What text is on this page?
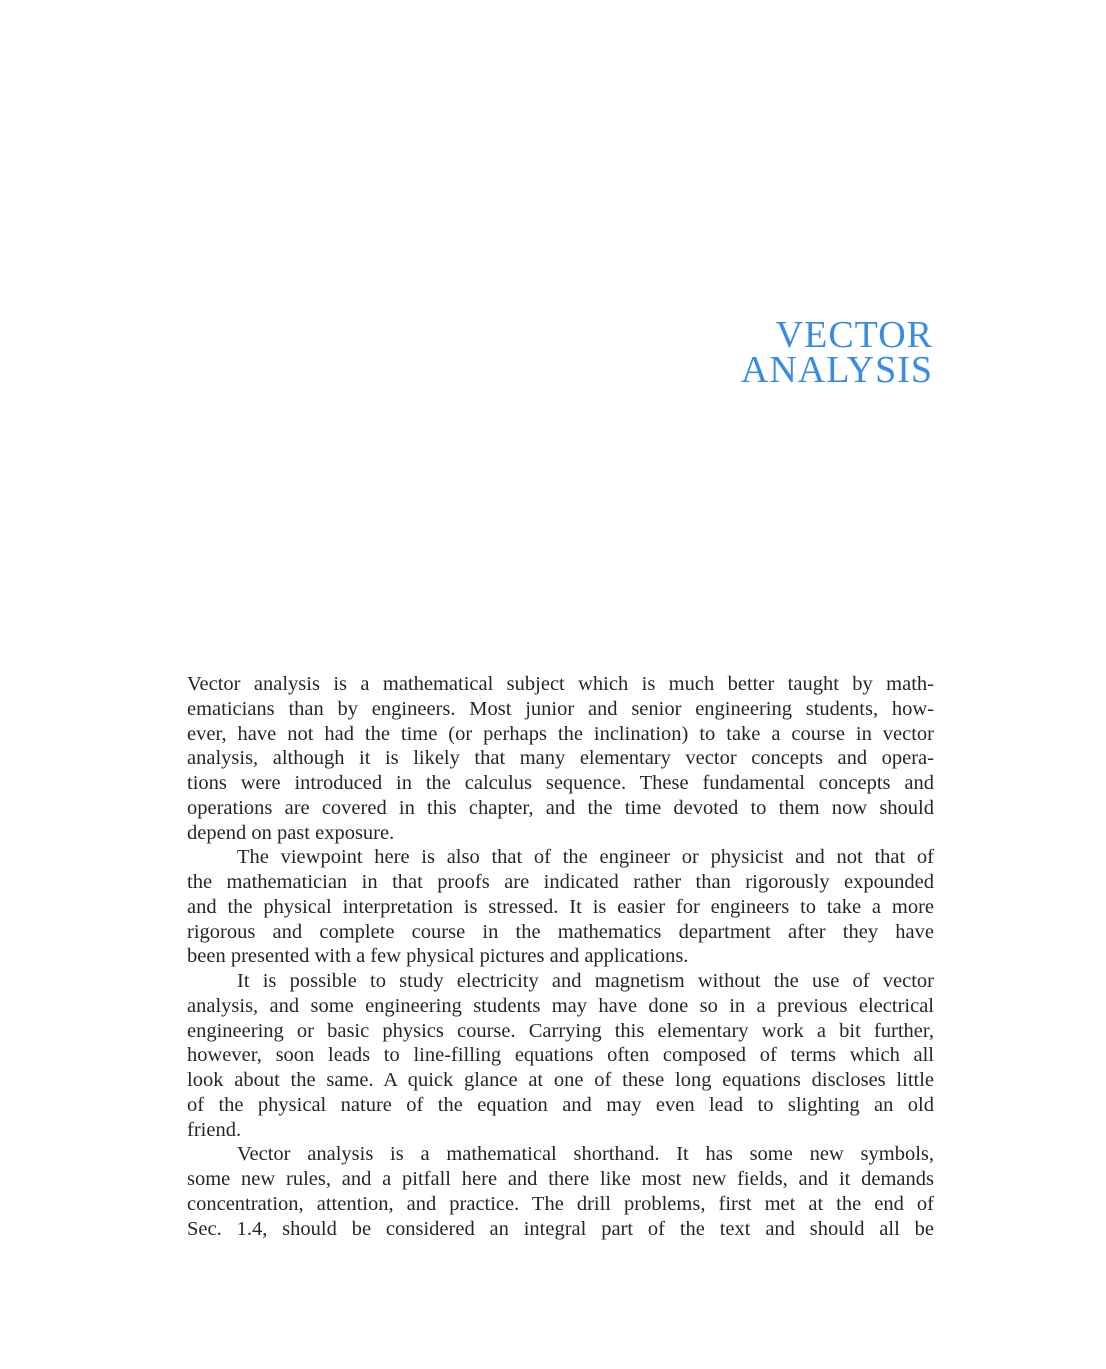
VECTOR
ANALYSIS
Vector analysis is a mathematical subject which is much better taught by math-
ematicians than by engineers. Most junior and senior engineering students, how-
ever, have not had the time (or perhaps the inclination) to take a course in vector
analysis, although it is likely that many elementary vector concepts and opera-
tions were introduced in the calculus sequence. These fundamental concepts and
operations are covered in this chapter, and the time devoted to them now should
depend on past exposure.
The viewpoint here is also that of the engineer or physicist and not that of
the mathematician in that proofs are indicated rather than rigorously expounded
and the physical interpretation is stressed. It is easier for engineers to take a more
rigorous and complete course in the mathematics department after they have
been presented with a few physical pictures and applications.
It is possible to study electricity and magnetism without the use of vector
analysis, and some engineering students may have done so in a previous electrical
engineering or basic physics course. Carrying this elementary work a bit further,
however, soon leads to line-filling equations often composed of terms which all
look about the same. A quick glance at one of these long equations discloses little
of the physical nature of the equation and may even lead to slighting an old
friend.
Vector analysis is a mathematical shorthand. It has some new symbols,
some new rules, and a pitfall here and there like most new fields, and it demands
concentration, attention, and practice. The drill problems, first met at the end of
Sec. 1.4, should be considered an integral part of the text and should all be
